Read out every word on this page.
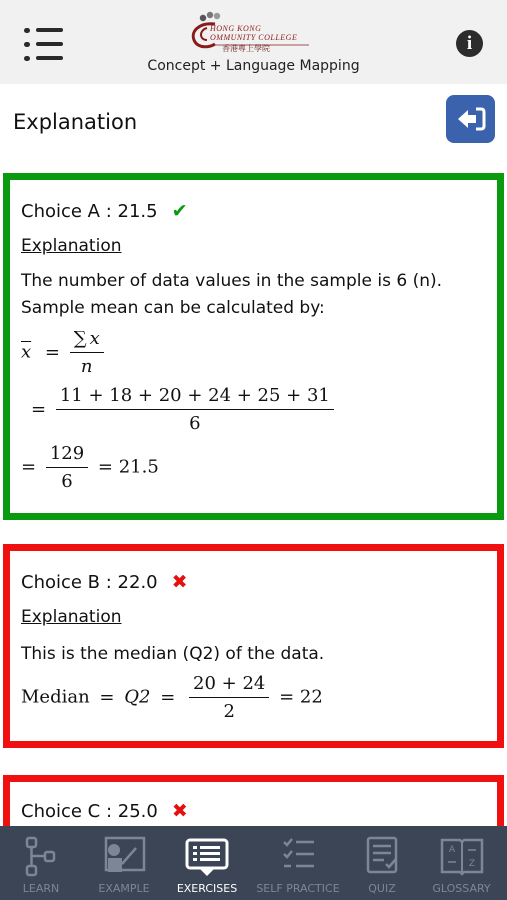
HONG KONG
OMMUNITY COLLEGE
香港專上學院
Concept + Language Mapping
i
Explanation
Choice A : 21.5 ✔
Explanation
The number of data values in the sample is 6 (n).
Sample mean can be calculated by:
$\overline{x} = \frac{\sum x}{n}$
= $\frac{11 + 18 + 20 + 24 + 25 + 31}{6}$
= $\frac{129}{6} = 21.5$
Choice B : 22.0 ✖
Explanation
This is the median (Q2) of the data.
Median = $Q2 = \frac{20 + 24}{2} = 22$
Choice C : 25.0 ✖
LEARN	EXAMPLE	EXERCISES	SELF PRACTICE	QUIZ
A
Z
GLOSSARY
